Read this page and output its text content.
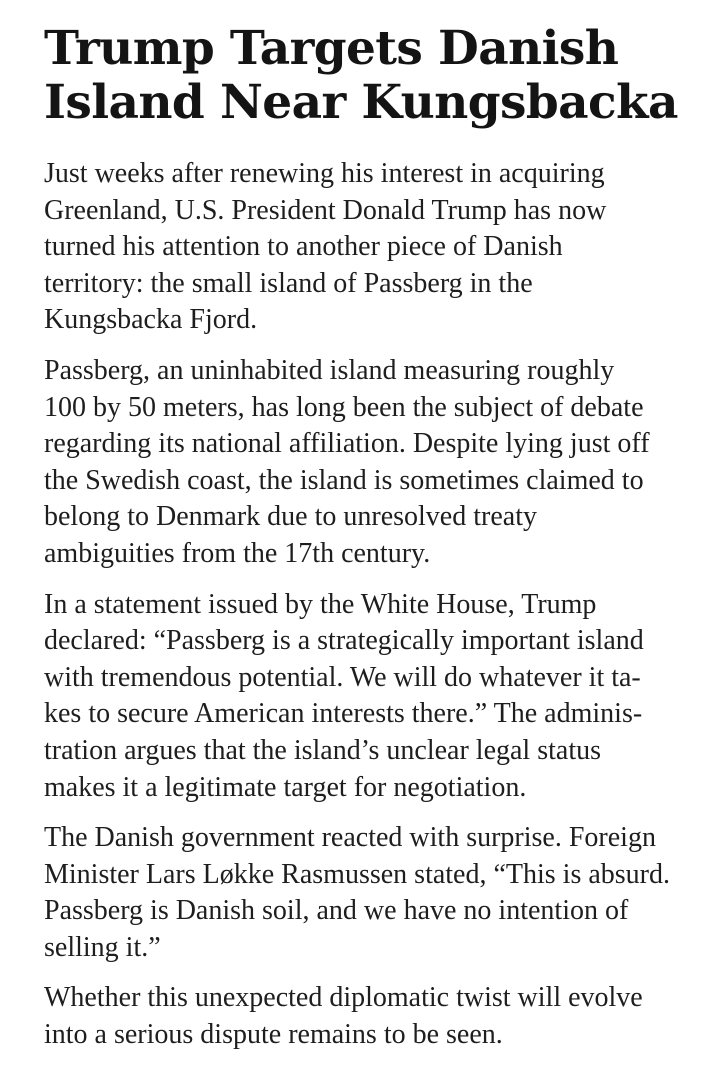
Trump Targets Danish
Island Near Kungsbacka

Just weeks after renewing his interest in acquiring
Greenland, U.S. President Donald Trump has now
turned his attention to another piece of Danish
territory: the small island of Passberg in the
Kungsbacka Fjord.

Passberg, an uninhabited island measuring roughly
100 by 50 meters, has long been the subject of debate
regarding its national affiliation. Despite lying just off
the Swedish coast, the island is sometimes claimed to
belong to Denmark due to unresolved treaty
ambiguities from the 17th century.

In a statement issued by the White House, Trump
declared: “Passberg is a strategically important island
with tremendous potential. We will do whatever it ta-
kes to secure American interests there.” The adminis-
tration argues that the island’s unclear legal status
makes it a legitimate target for negotiation.

The Danish government reacted with surprise. Foreign
Minister Lars Løkke Rasmussen stated, “This is absurd.
Passberg is Danish soil, and we have no intention of
selling it.”

Whether this unexpected diplomatic twist will evolve
into a serious dispute remains to be seen.
